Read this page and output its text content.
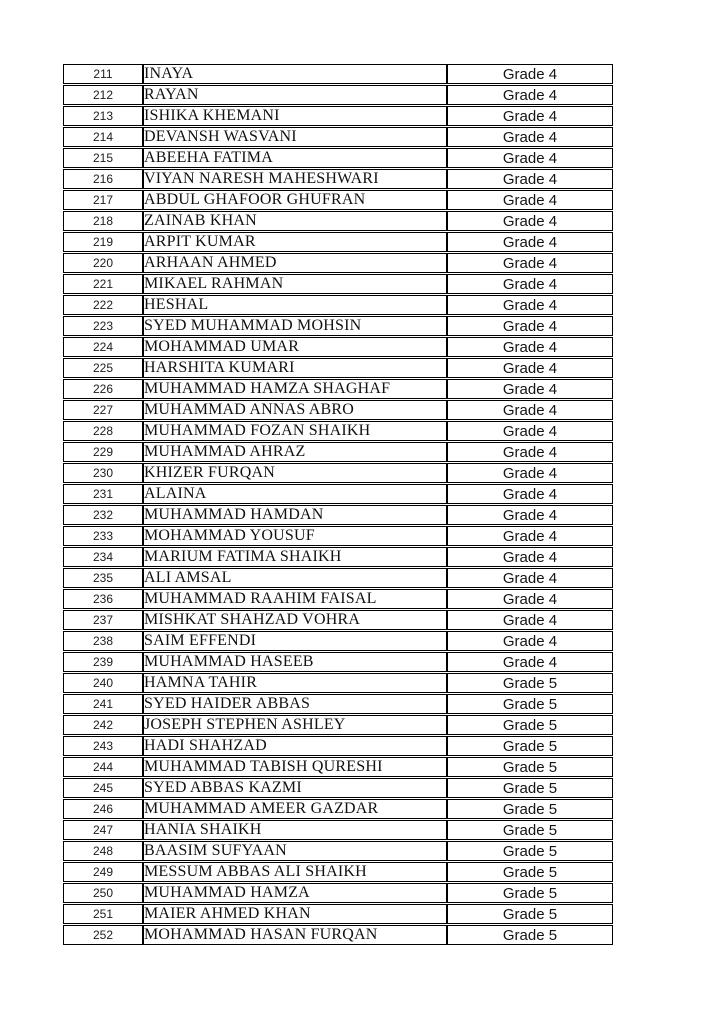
211	INAYA	Grade 4
212	RAYAN	Grade 4
213	ISHIKA KHEMANI	Grade 4
214	DEVANSH WASVANI	Grade 4
215	ABEEHA FATIMA	Grade 4
216	VIYAN NARESH MAHESHWARI	Grade 4
217	ABDUL GHAFOOR GHUFRAN	Grade 4
218	ZAINAB KHAN	Grade 4
219	ARPIT KUMAR	Grade 4
220	ARHAAN AHMED	Grade 4
221	MIKAEL RAHMAN	Grade 4
222	HESHAL	Grade 4
223	SYED MUHAMMAD MOHSIN	Grade 4
224	MOHAMMAD UMAR	Grade 4
225	HARSHITA KUMARI	Grade 4
226	MUHAMMAD HAMZA SHAGHAF	Grade 4
227	MUHAMMAD ANNAS ABRO	Grade 4
228	MUHAMMAD FOZAN SHAIKH	Grade 4
229	MUHAMMAD AHRAZ	Grade 4
230	KHIZER FURQAN	Grade 4
231	ALAINA	Grade 4
232	MUHAMMAD HAMDAN	Grade 4
233	MOHAMMAD YOUSUF	Grade 4
234	MARIUM FATIMA SHAIKH	Grade 4
235	ALI AMSAL	Grade 4
236	MUHAMMAD RAAHIM FAISAL	Grade 4
237	MISHKAT SHAHZAD VOHRA	Grade 4
238	SAIM EFFENDI	Grade 4
239	MUHAMMAD HASEEB	Grade 4
240	HAMNA TAHIR	Grade 5
241	SYED HAIDER ABBAS	Grade 5
242	JOSEPH STEPHEN ASHLEY	Grade 5
243	HADI SHAHZAD	Grade 5
244	MUHAMMAD TABISH QURESHI	Grade 5
245	SYED ABBAS KAZMI	Grade 5
246	MUHAMMAD AMEER GAZDAR	Grade 5
247	HANIA SHAIKH	Grade 5
248	BAASIM SUFYAAN	Grade 5
249	MESSUM ABBAS ALI SHAIKH	Grade 5
250	MUHAMMAD HAMZA	Grade 5
251	MAIER AHMED KHAN	Grade 5
252	MOHAMMAD HASAN FURQAN	Grade 5
